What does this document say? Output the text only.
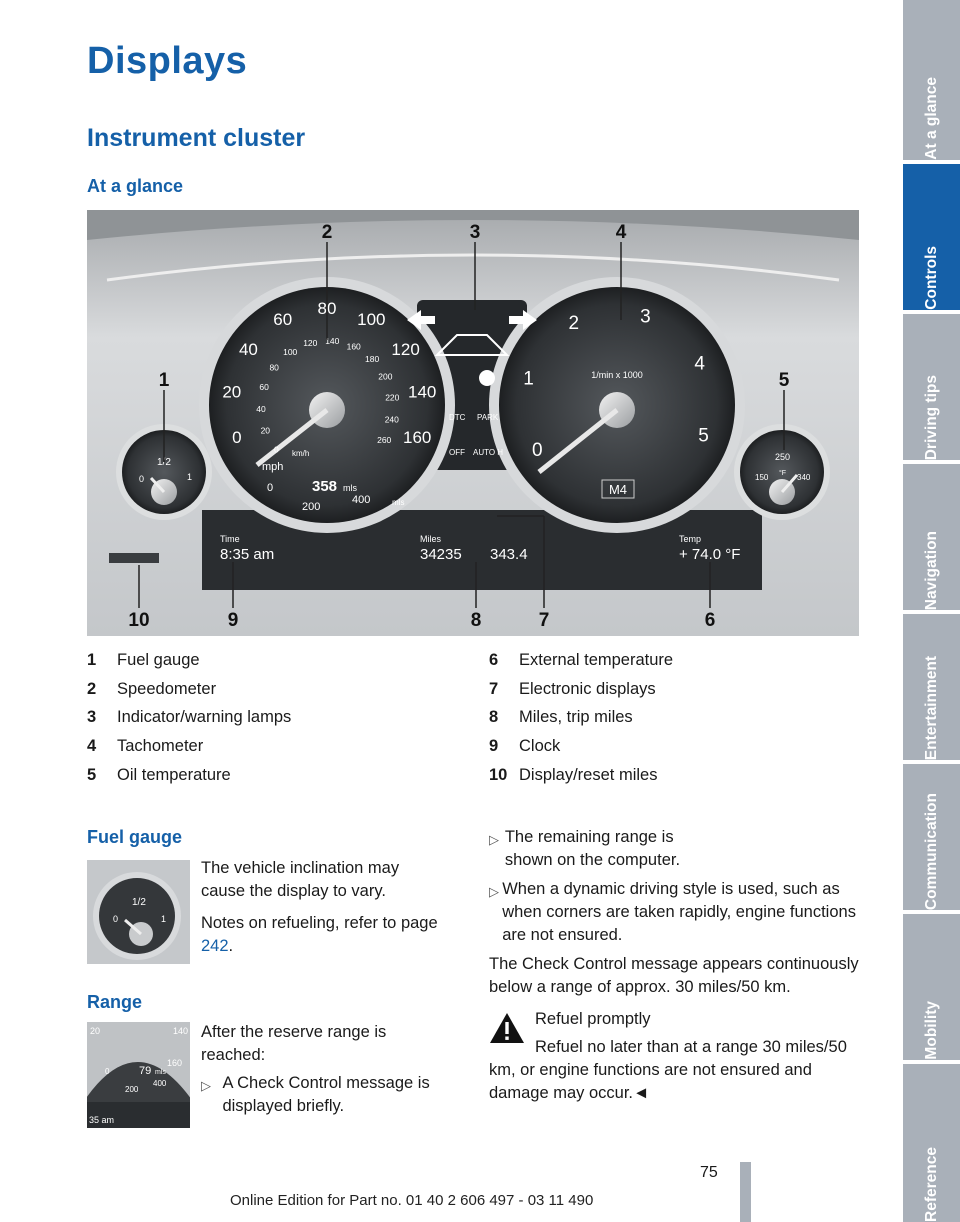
Displays
Instrument cluster
At a glance
0
20
40
60
80
100
120
140
160
0
20
40
60
80
100
120 140
160
180
200
220
240
260
km/h
mph
358 mls
0
200
400	mls
0
1
2	3
4
5
1/min x 1000
M4
0
1/2
1	150
250
340
°F
DTC PARK
OFF AUTO H
Time
8:35 am
Miles
34235 343.4
Temp
+ 74.0 °F
1
2	3	4
5
6
7
8
9
10
1	Fuel gauge
2	Speedometer
3	Indicator/warning lamps
4	Tachometer
5	Oil temperature
6	External temperature
7	Electronic displays
8	Miles, trip miles
9	Clock
10 Display/reset miles
Fuel gauge
0
1/2
1

The vehicle inclination may cause the display to vary.

Notes on refueling, refer to page 242.

Range
20	140
160
79 mls
0
200
400
35 am

After the reserve range is reached:

▷ A Check Control message is displayed briefly.
▷ The remaining range is shown on the computer.
▷ When a dynamic driving style is used, such as when corners are taken rapidly, engine functions are not ensured.
The Check Control message appears continuously below a range of approx. 30 miles/50 km.
Refuel promptly
Refuel no later than at a range 30 miles/50 km, or engine functions are not ensured and damage may occur.◄
At a glance
Controls
Driving tips
Navigation
Entertainment
Communication
Mobility
Reference
75
Online Edition for Part no. 01 40 2 606 497 - 03 11 490
